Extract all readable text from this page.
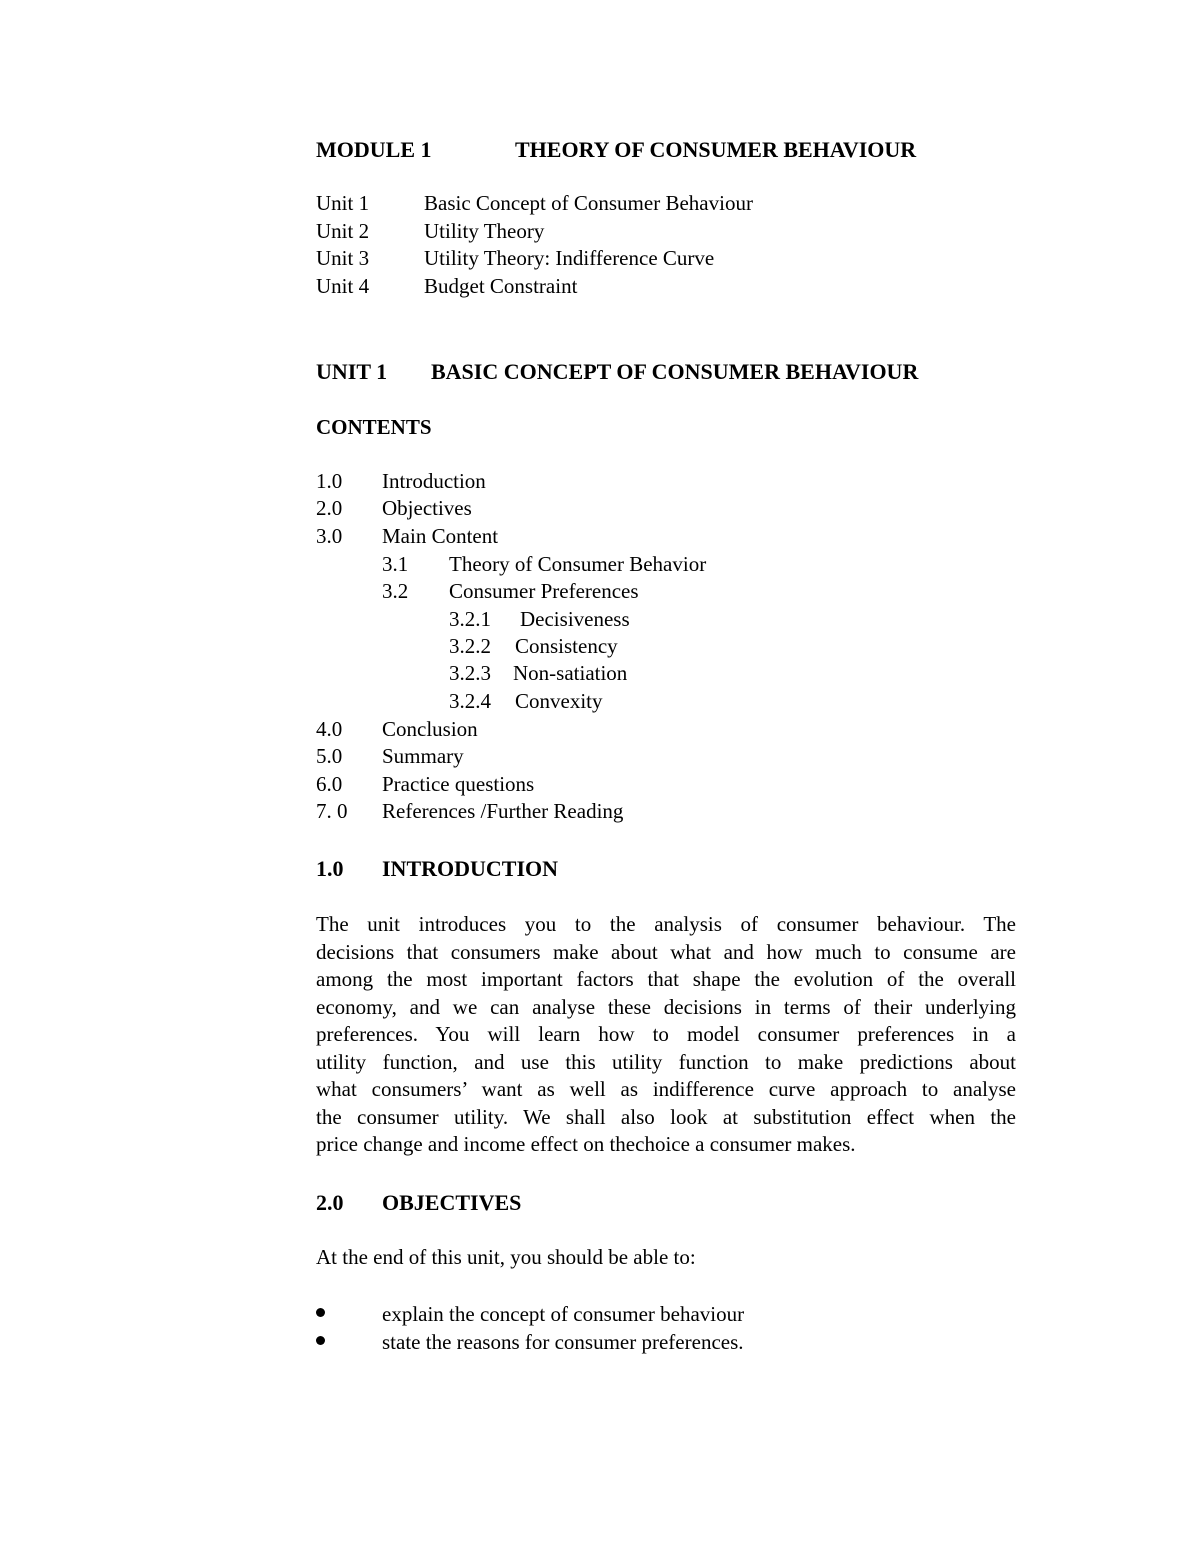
MODULE 1	THEORY OF CONSUMER BEHAVIOUR
Unit 1	Basic Concept of Consumer Behaviour
Unit 2	Utility Theory
Unit 3	Utility Theory: Indifference Curve
Unit 4	Budget Constraint
UNIT 1 BASIC CONCEPT OF CONSUMER BEHAVIOUR
CONTENTS
1.0 Introduction
2.0 Objectives
3.0 Main Content
3.1 Theory of Consumer Behavior
3.2 Consumer Preferences
3.2.1 Decisiveness
3.2.2 Consistency
3.2.3 Non-satiation
3.2.4 Convexity
4.0 Conclusion
5.0 Summary
6.0 Practice questions
7. 0 References /Further Reading
1.0 INTRODUCTION
The unit introduces you to the analysis of consumer behaviour. The
decisions that consumers make about what and how much to consume are
among the most important factors that shape the evolution of the overall
economy, and we can analyse these decisions in terms of their underlying
preferences. You will learn how to model consumer preferences in a
utility function, and use this utility function to make predictions about
what consumers’ want as well as indifference curve approach to analyse
the consumer utility. We shall also look at substitution effect when the
price change and income effect on thechoice a consumer makes.
2.0 OBJECTIVES
At the end of this unit, you should be able to:
explain the concept of consumer behaviour
state the reasons for consumer preferences.
